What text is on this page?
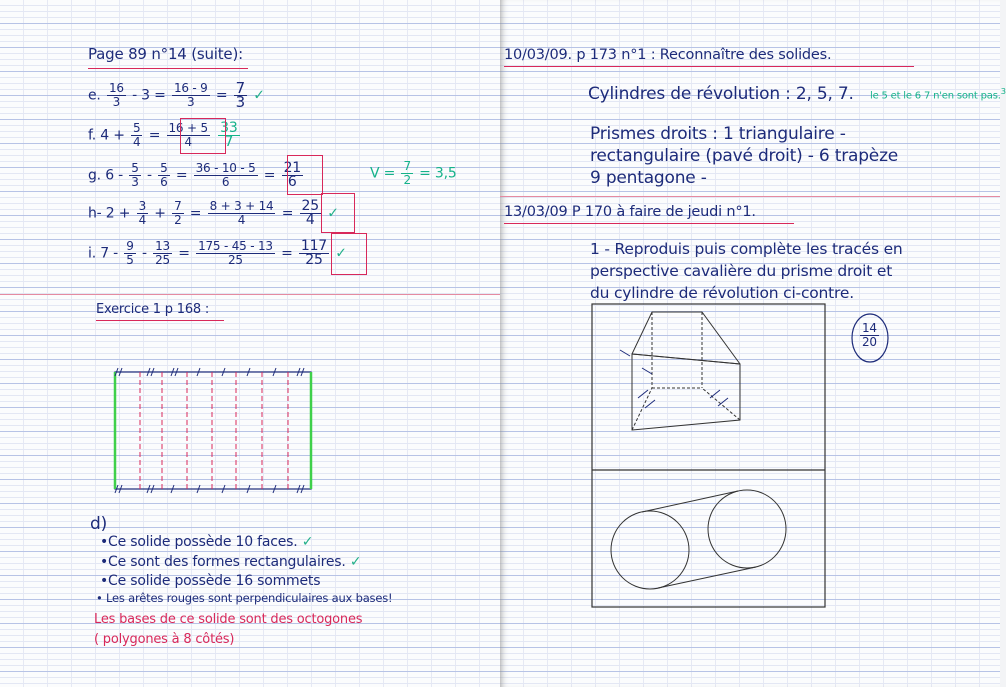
Page 89 n°14 (suite):
e. $\frac{16}{3} - 3 = \frac{16 - 9}{3} = \frac{7}{3}$ ✓
f. $4 + \frac{5}{4} = \frac{16 + 5}{4}$
$\frac{33}{7}$
g. $6 - \frac{5}{3} - \frac{5}{6} = \frac{36 - 10 - 5}{6} = \frac{21}{6}$	$V = \frac{7}{2} = 3,5$
h- $2 + \frac{3}{4} + \frac{7}{2} = \frac{8 + 3 + 14}{4} = \frac{25}{4}$ ✓
i. $7 - \frac{9}{5} - \frac{13}{25} = \frac{175 - 45 - 13}{25} = \frac{117}{25}$ ✓
Exercice 1 p 168 :
d)
•Ce solide possède 10 faces. ✓
•Ce sont des formes rectangulaires. ✓
•Ce solide possède 16 sommets
• Les arêtes rouges sont perpendiculaires aux bases!
Les bases de ce solide sont des octogones
( polygones à 8 côtés)
10/03/09. p 173 n°1 : Reconnaître des solides.
Cylindres de révolution : 2, 5, 7. le 5 et le 6 7 n'en sont pas.$^3$
Prismes droits : 1 triangulaire -
rectangulaire (pavé droit) - 6 trapèze
9 pentagone -
13/03/09 P 170 à faire de jeudi n°1.
1 - Reproduis puis complète les tracés en
perspective cavalière du prisme droit et
du cylindre de révolution ci-contre.
$\frac{14}{20}$
